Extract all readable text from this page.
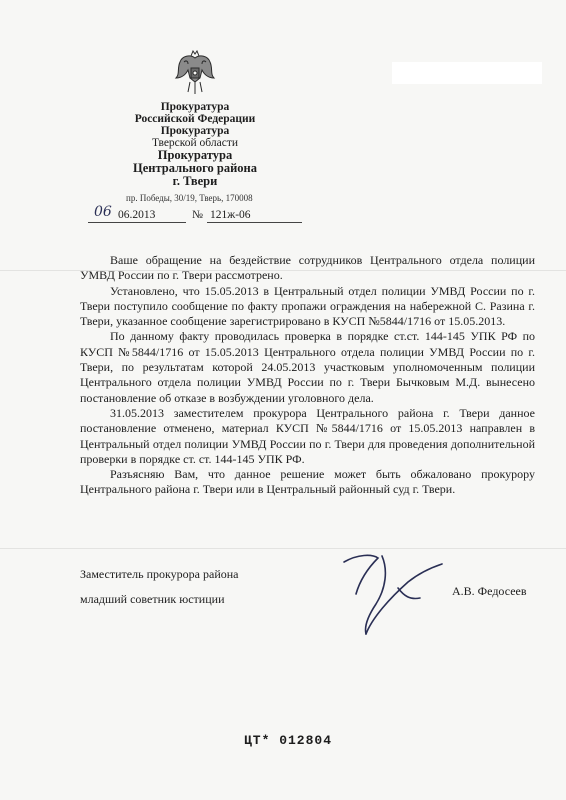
Прокуратура
Российской Федерации
Прокуратура
Тверской области
Прокуратура
Центрального района
г. Твери
пр. Победы, 30/19, Тверь, 170008
06 06.2013	№ 121ж-06

Ваше обращение на бездействие сотрудников Центрального отдела полиции УМВД России по г. Твери рассмотрено.

Установлено, что 15.05.2013 в Центральный отдел полиции УМВД России по г. Твери поступило сообщение по факту пропажи ограждения на набережной С. Разина г. Твери, указанное сообщение зарегистрировано в КУСП №5844/1716 от 15.05.2013.

По данному факту проводилась проверка в порядке ст.ст. 144-145 УПК РФ по КУСП №5844/1716 от 15.05.2013 Центрального отдела полиции УМВД России по г. Твери, по результатам которой 24.05.2013 участковым уполномоченным полиции Центрального отдела полиции УМВД России по г. Твери Бычковым М.Д. вынесено постановление об отказе в возбуждении уголовного дела.

31.05.2013 заместителем прокурора Центрального района г. Твери данное постановление отменено, материал КУСП №5844/1716 от 15.05.2013 направлен в Центральный отдел полиции УМВД России по г. Твери для проведения дополнительной проверки в порядке ст. ст. 144-145 УПК РФ.

Разъясняю Вам, что данное решение может быть обжаловано прокурору Центрального района г. Твери или в Центральный районный суд г. Твери.

Заместитель прокурора района
младший советник юстиции
А.В. Федосеев
ЦТ* 012804
